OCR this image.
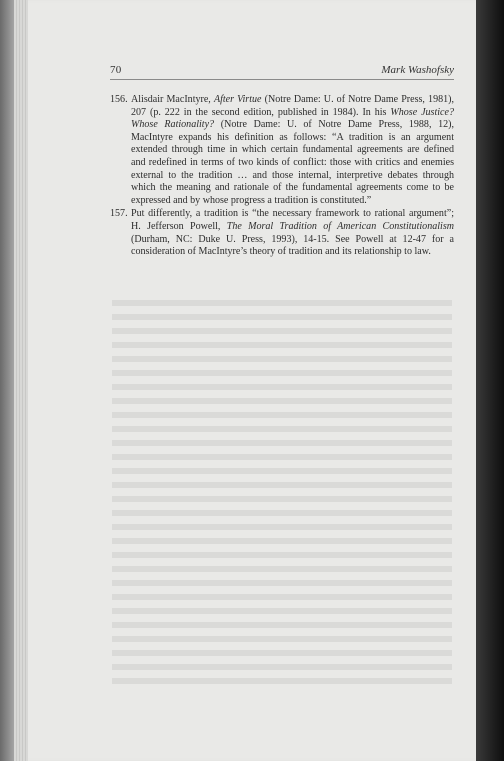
70	Mark Washofsky
156. Alisdair MacIntyre, After Virtue (Notre Dame: U. of Notre Dame Press, 1981), 207 (p. 222 in the second edition, published in 1984). In his Whose Justice? Whose Rationality? (Notre Dame: U. of Notre Dame Press, 1988, 12), MacIntyre expands his definition as follows: “A tradition is an argument extended through time in which certain fundamental agreements are defined and redefined in terms of two kinds of conflict: those with critics and enemies external to the tradition … and those internal, interpretive debates through which the meaning and rationale of the fundamental agreements come to be expressed and by whose progress a tradition is constituted.”
157. Put differently, a tradition is “the necessary framework to rational argument”; H. Jefferson Powell, The Moral Tradition of American Constitutionalism (Durham, NC: Duke U. Press, 1993), 14-15. See Powell at 12-47 for a consideration of MacIntyre’s theory of tradition and its relationship to law.
